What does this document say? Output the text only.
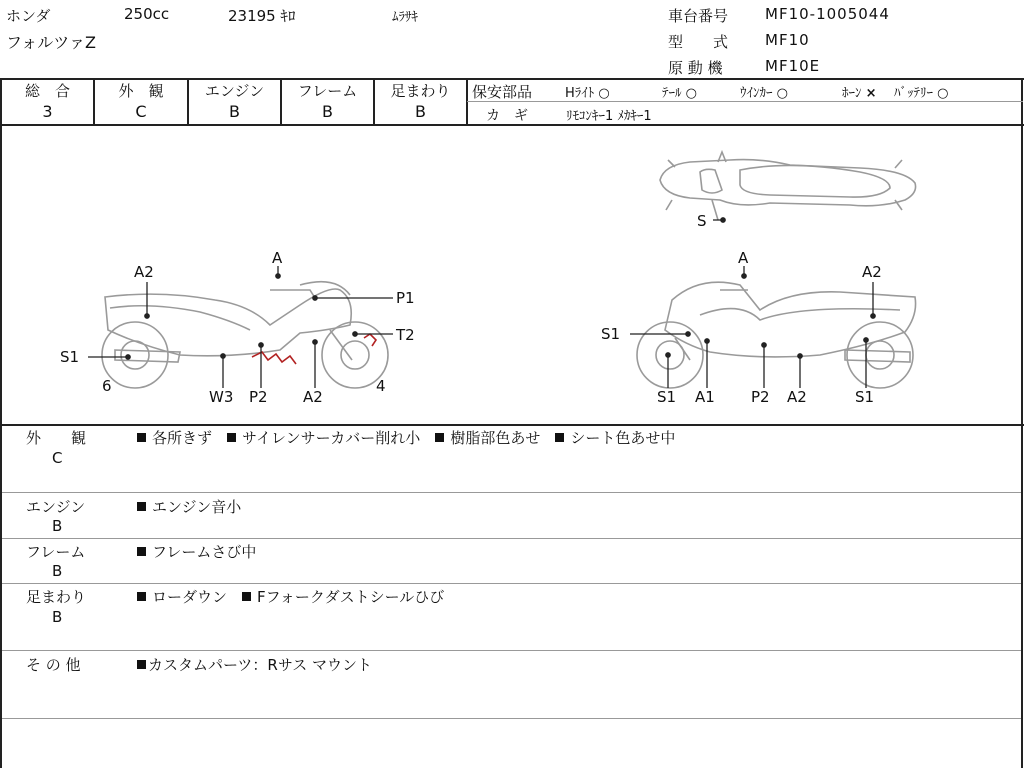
ホンダ	250cc	23195 ｷﾛ	ﾑﾗｻｷ
フォルツァZ
車台番号 MF10-1005044
型　　式 MF10
原 動 機	MF10E
総　合
3
外　観
C
エンジン
B
フレーム
B
足まわり
B
保安部品	Hﾗｲﾄ ○	ﾃｰﾙ ○	ｳｲﾝｶｰ ○	ﾎｰﾝ × ﾊﾞｯﾃﾘｰ ○
カ　ギ	ﾘﾓｺﾝｷｰ1 ﾒｶｷｰ1
S
A
A2
P1
T2
S1
6	4
W3 P2 A2
A
A2
S1
S1 A1 P2 A2	S1
外　　観
C
各所きず　 サイレンサーカバー削れ小　 樹脂部色あせ　 シート色あせ中
エンジン
B
エンジン音小
フレーム
B
フレームさび中
足まわり
B
ローダウン　 Fフォークダストシールひび
そ の 他	カスタムパーツ：Rサス マウント
